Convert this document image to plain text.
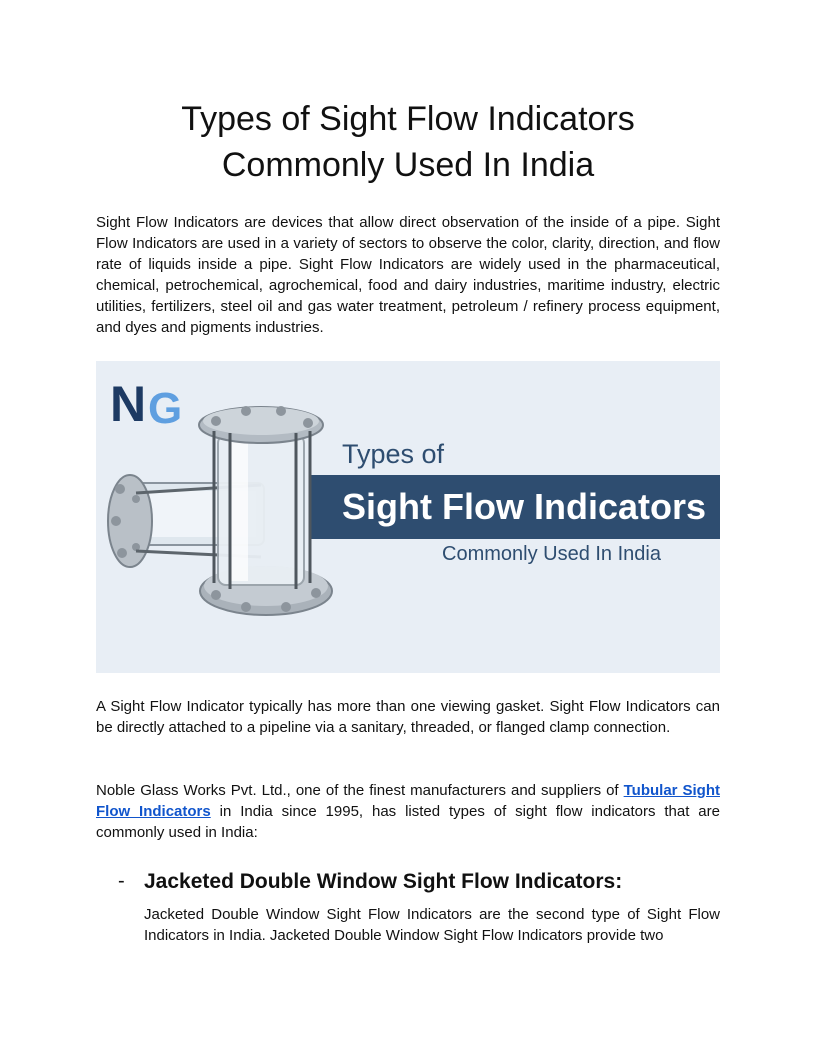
Types of Sight Flow Indicators
Commonly Used In India

Sight Flow Indicators are devices that allow direct observation of the inside of a pipe. Sight Flow Indicators are used in a variety of sectors to observe the color, clarity, direction, and flow rate of liquids inside a pipe. Sight Flow Indicators are widely used in the pharmaceutical, chemical, petrochemical, agrochemical, food and dairy industries, maritime industry, electric utilities, fertilizers, steel oil and gas water treatment, petroleum / refinery process equipment, and dyes and pigments industries.

N G
Types of
Sight Flow Indicators
Commonly Used In India

A Sight Flow Indicator typically has more than one viewing gasket. Sight Flow Indicators can be directly attached to a pipeline via a sanitary, threaded, or flanged clamp connection.

Noble Glass Works Pvt. Ltd., one of the finest manufacturers and suppliers of Tubular Sight Flow Indicators in India since 1995, has listed types of sight flow indicators that are commonly used in India:

- Jacketed Double Window Sight Flow Indicators:

Jacketed Double Window Sight Flow Indicators are the second type of Sight Flow Indicators in India. Jacketed Double Window Sight Flow Indicators provide two
